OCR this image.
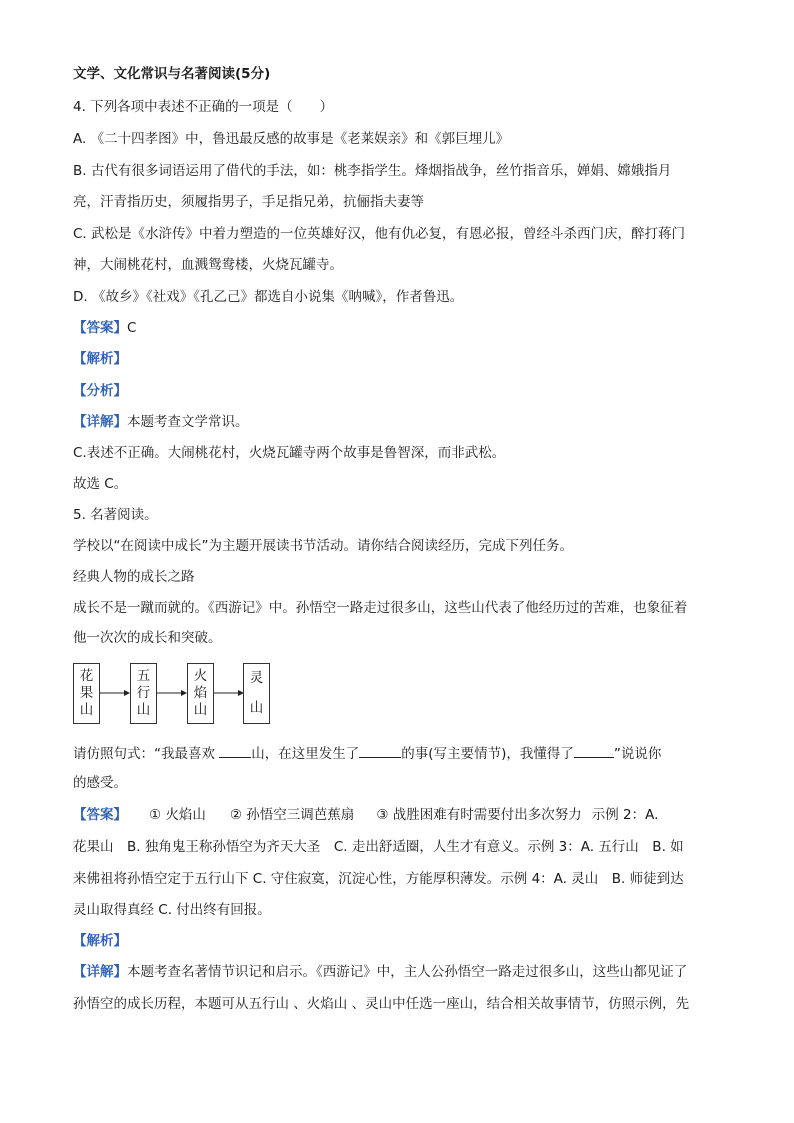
文学、文化常识与名著阅读(5分)
4. 下列各项中表述不正确的一项是（　　）
A. 《二十四孝图》中，鲁迅最反感的故事是《老莱娱亲》和《郭巨埋儿》
B. 古代有很多词语运用了借代的手法，如：桃李指学生。烽烟指战争，丝竹指音乐，婵娟、嫦娥指月
亮，汗青指历史，须履指男子，手足指兄弟，抗俪指夫妻等
C. 武松是《水浒传》中着力塑造的一位英雄好汉，他有仇必复，有恩必报，曾经斗杀西门庆，醉打蒋门
神，大闹桃花村，血溅鸳鸯楼，火烧瓦罐寺。
D. 《故乡》《社戏》《孔乙己》都选自小说集《呐喊》，作者鲁迅。
【答案】C
【解析】
【分析】
【详解】本题考查文学常识。
C.表述不正确。大闹桃花村，火烧瓦罐寺两个故事是鲁智深，而非武松。
故选 C。
5. 名著阅读。
学校以“在阅读中成长”为主题开展读书节活动。请你结合阅读经历，完成下列任务。
经典人物的成长之路
成长不是一蹴而就的。《西游记》中。孙悟空一路走过很多山，这些山代表了他经历过的苦难，也象征着
他一次次的成长和突破。
花
果
山
五
行
山
火
焰
山
灵
山
请仿照句式：“我最喜欢 山，在这里发生了	的事(写主要情节)，我懂得了	”说说你
的感受。
【答案】 ① 火焰山 ② 孙悟空三调芭蕉扇 ③ 战胜困难有时需要付出多次努力 示例 2：A.
花果山　B. 独角鬼王称孙悟空为齐天大圣　C. 走出舒适圈，人生才有意义。示例 3：A. 五行山　B. 如
来佛祖将孙悟空定于五行山下 C. 守住寂寞，沉淀心性，方能厚积薄发。示例 4：A. 灵山　B. 师徒到达
灵山取得真经 C. 付出终有回报。
【解析】
【详解】本题考查名著情节识记和启示。《西游记》中，主人公孙悟空一路走过很多山，这些山都见证了
孙悟空的成长历程，本题可从五行山 、火焰山 、灵山中任选一座山，结合相关故事情节，仿照示例，先
